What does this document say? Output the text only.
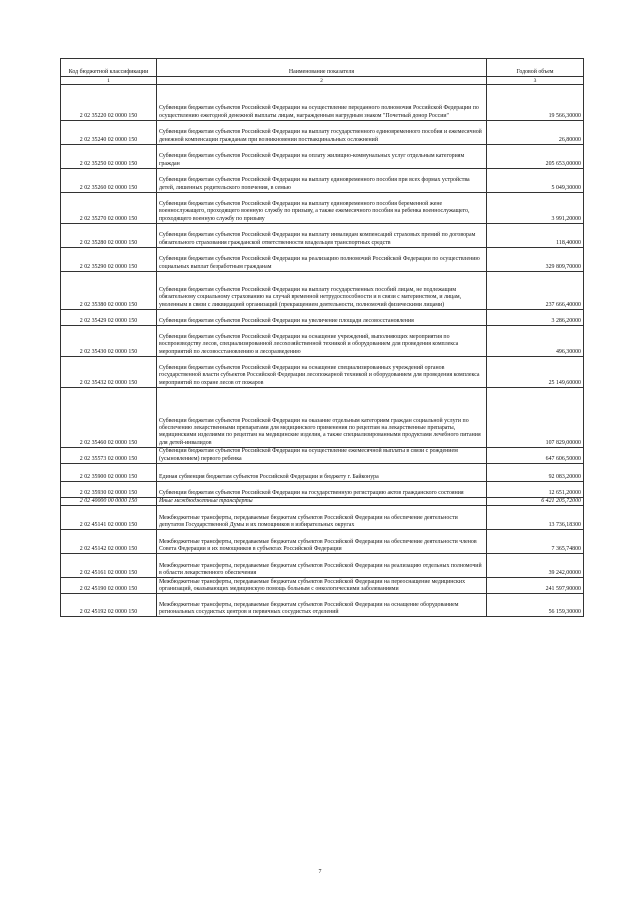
Код бюджетной классификации	Наименование показателя	Годовой объем
1	2	3
2 02 35220 02 0000 150	Субвенции бюджетам субъектов Российской Федерации на осуществление переданного полномочия Российской Федерации по осуществлению ежегодной денежной выплаты лицам, награжденным нагрудным знаком "Почетный донор России"	19 566,30000
2 02 35240 02 0000 150	Субвенции бюджетам субъектов Российской Федерации на выплату государственного единовременного пособия и ежемесячной денежной компенсации гражданам при возникновении поствакцинальных осложнений	26,80000
2 02 35250 02 0000 150	Субвенции бюджетам субъектов Российской Федерации на оплату жилищно-коммунальных услуг отдельным категориям граждан	205 653,00000
2 02 35260 02 0000 150	Субвенции бюджетам субъектов Российской Федерации на выплату единовременного пособия при всех формах устройства детей, лишенных родительского попечения, в семью	5 049,30000
2 02 35270 02 0000 150	Субвенции бюджетам субъектов Российской Федерации на выплату единовременного пособия беременной жене военнослужащего, проходящего военную службу по призыву, а также ежемесячного пособия на ребенка военнослужащего, проходящего военную службу по призыву	3 991,20000
2 02 35280 02 0000 150	Субвенции бюджетам субъектов Российской Федерации на выплату инвалидам компенсаций страховых премий по договорам обязательного страхования гражданской ответственности владельцев транспортных средств	118,40000
2 02 35290 02 0000 150	Субвенции бюджетам субъектов Российской Федерации на реализацию полномочий Российской Федерации по осуществлению социальных выплат безработным гражданам	329 809,70000
2 02 35380 02 0000 150	Субвенции бюджетам субъектов Российской Федерации на выплату государственных пособий лицам, не подлежащим обязательному социальному страхованию на случай временной нетрудоспособности и в связи с материнством, и лицам, уволенным в связи с ликвидацией организаций (прекращением деятельности, полномочий физическими лицами)	237 666,40000
2 02 35429 02 0000 150	Субвенции бюджетам субъектов Российской Федерации на увеличение площади лесовосстановления	3 286,20000
2 02 35430 02 0000 150	Субвенции бюджетам субъектов Российской Федерации на оснащение учреждений, выполняющих мероприятия по воспроизводству лесов, специализированной лесохозяйственной техникой и оборудованием для проведения комплекса мероприятий по лесовосстановлению и лесоразведению	496,30000
2 02 35432 02 0000 150	Субвенции бюджетам субъектов Российской Федерации на оснащение специализированных учреждений органов государственной власти субъектов Российской Федерации лесопожарной техникой и оборудованием для проведения комплекса мероприятий по охране лесов от пожаров	25 149,60000
2 02 35460 02 0000 150	Субвенции бюджетам субъектов Российской Федерации на оказание отдельным категориям граждан социальной услуги по обеспечению лекарственными препаратами для медицинского применения по рецептам на лекарственные препараты, медицинскими изделиями по рецептам на медицинские изделия, а также специализированными продуктами лечебного питания для детей-инвалидов	107 829,00000
2 02 35573 02 0000 150	Субвенции бюджетам субъектов Российской Федерации на осуществление ежемесячной выплаты в связи с рождением (усыновлением) первого ребенка	647 606,50000
2 02 35900 02 0000 150	Единая субвенция бюджетам субъектов Российской Федерации и бюджету г. Байконура	92 083,20000
2 02 35930 02 0000 150	Субвенции бюджетам субъектов Российской Федерации на государственную регистрацию актов гражданского состояния	12 651,20000
2 02 40000 00 0000 150	Иные межбюджетные трансферты	6 421 205,72000
2 02 45141 02 0000 150	Межбюджетные трансферты, передаваемые бюджетам субъектов Российской Федерации на обеспечение деятельности депутатов Государственной Думы и их помощников в избирательных округах	13 736,18300
2 02 45142 02 0000 150	Межбюджетные трансферты, передаваемые бюджетам субъектов Российской Федерации на обеспечение деятельности членов Совета Федерации и их помощников в субъектах Российской Федерации	7 365,74800
2 02 45161 02 0000 150	Межбюджетные трансферты, передаваемые бюджетам субъектов Российской Федерации на реализацию отдельных полномочий в области лекарственного обеспечения	39 242,00000
2 02 45190 02 0000 150	Межбюджетные трансферты, передаваемые бюджетам субъектов Российской Федерации на переоснащение медицинских организаций, оказывающих медицинскую помощь больным с онкологическими заболеваниями	241 597,90000
2 02 45192 02 0000 150	Межбюджетные трансферты, передаваемые бюджетам субъектов Российской Федерации на оснащение оборудованием региональных сосудистых центров и первичных сосудистых отделений	56 159,30000
7
